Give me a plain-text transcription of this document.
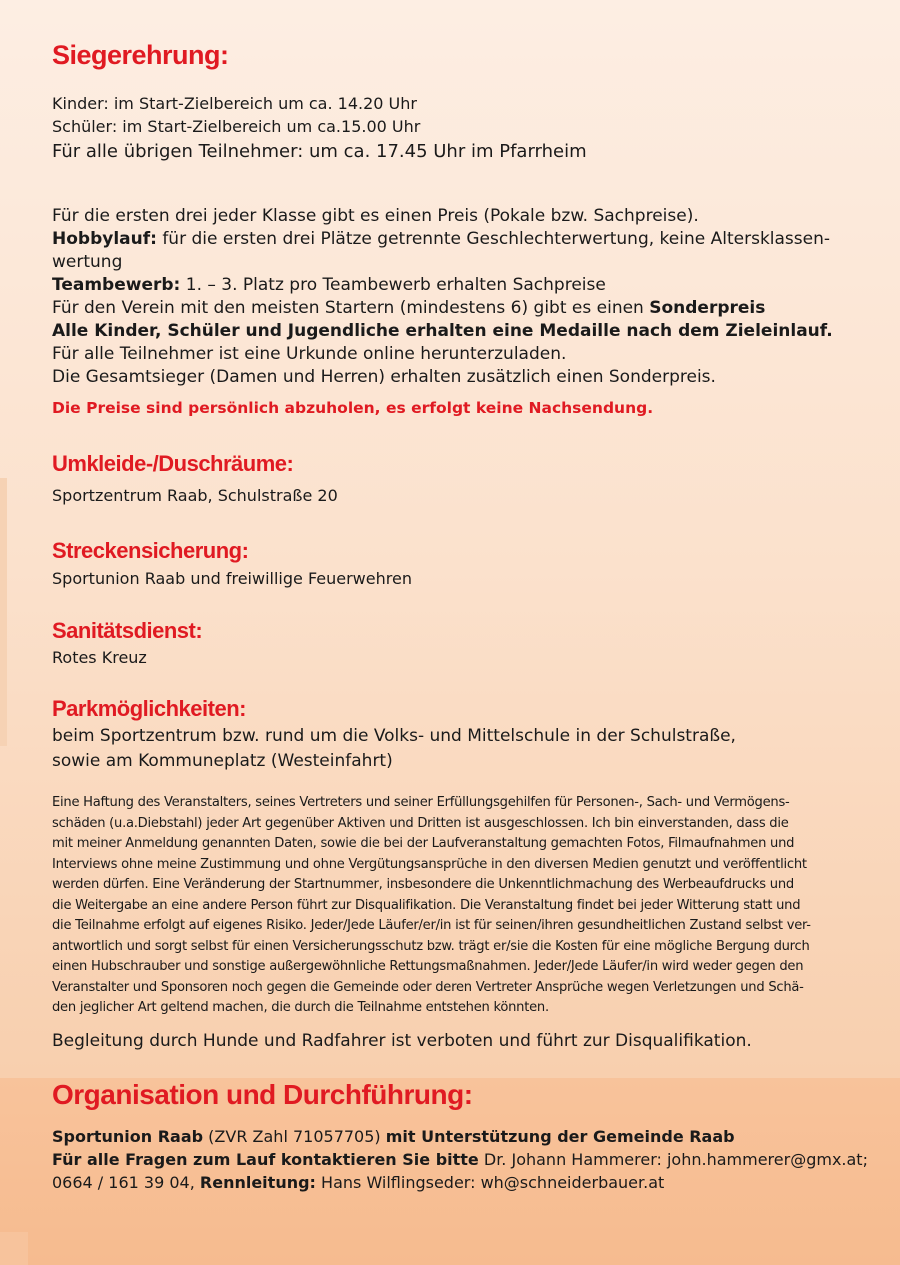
Siegerehrung:

Kinder: im Start-Zielbereich um ca. 14.20 Uhr

Schüler: im Start-Zielbereich um ca.15.00 Uhr

Für alle übrigen Teilnehmer: um ca. 17.45 Uhr im Pfarrheim

Für die ersten drei jeder Klasse gibt es einen Preis (Pokale bzw. Sachpreise).

Hobbylauf: für die ersten drei Plätze getrennte Geschlechterwertung, keine Altersklassen-

wertung

Teambewerb: 1. – 3. Platz pro Teambewerb erhalten Sachpreise

Für den Verein mit den meisten Startern (mindestens 6) gibt es einen Sonderpreis

Alle Kinder, Schüler und Jugendliche erhalten eine Medaille nach dem Zieleinlauf.

Für alle Teilnehmer ist eine Urkunde online herunterzuladen.

Die Gesamtsieger (Damen und Herren) erhalten zusätzlich einen Sonderpreis.

Die Preise sind persönlich abzuholen, es erfolgt keine Nachsendung.

Umkleide-/Duschräume:

Sportzentrum Raab, Schulstraße 20

Streckensicherung:

Sportunion Raab und freiwillige Feuerwehren

Sanitätsdienst:

Rotes Kreuz

Parkmöglichkeiten:

beim Sportzentrum bzw. rund um die Volks- und Mittelschule in der Schulstraße,

sowie am Kommuneplatz (Westeinfahrt)

Eine Haftung des Veranstalters, seines Vertreters und seiner Erfüllungsgehilfen für Personen-, Sach- und Vermögens-
schäden (u.a.Diebstahl) jeder Art gegenüber Aktiven und Dritten ist ausgeschlossen. Ich bin einverstanden, dass die
mit meiner Anmeldung genannten Daten, sowie die bei der Laufveranstaltung gemachten Fotos, Filmaufnahmen und
Interviews ohne meine Zustimmung und ohne Vergütungsansprüche in den diversen Medien genutzt und veröffentlicht
werden dürfen. Eine Veränderung der Startnummer, insbesondere die Unkenntlichmachung des Werbeaufdrucks und
die Weitergabe an eine andere Person führt zur Disqualifikation. Die Veranstaltung findet bei jeder Witterung statt und
die Teilnahme erfolgt auf eigenes Risiko. Jeder/Jede Läufer/er/in ist für seinen/ihren gesundheitlichen Zustand selbst ver-
antwortlich und sorgt selbst für einen Versicherungsschutz bzw. trägt er/sie die Kosten für eine mögliche Bergung durch
einen Hubschrauber und sonstige außergewöhnliche Rettungsmaßnahmen. Jeder/Jede Läufer/in wird weder gegen den
Veranstalter und Sponsoren noch gegen die Gemeinde oder deren Vertreter Ansprüche wegen Verletzungen und Schä-
den jeglicher Art geltend machen, die durch die Teilnahme entstehen könnten.

Begleitung durch Hunde und Radfahrer ist verboten und führt zur Disqualifikation.

Organisation und Durchführung:

Sportunion Raab (ZVR Zahl 71057705) mit Unterstützung der Gemeinde Raab

Für alle Fragen zum Lauf kontaktieren Sie bitte Dr. Johann Hammerer: john.hammerer@gmx.at;

0664 / 161 39 04, Rennleitung: Hans Wilflingseder: wh@schneiderbauer.at
